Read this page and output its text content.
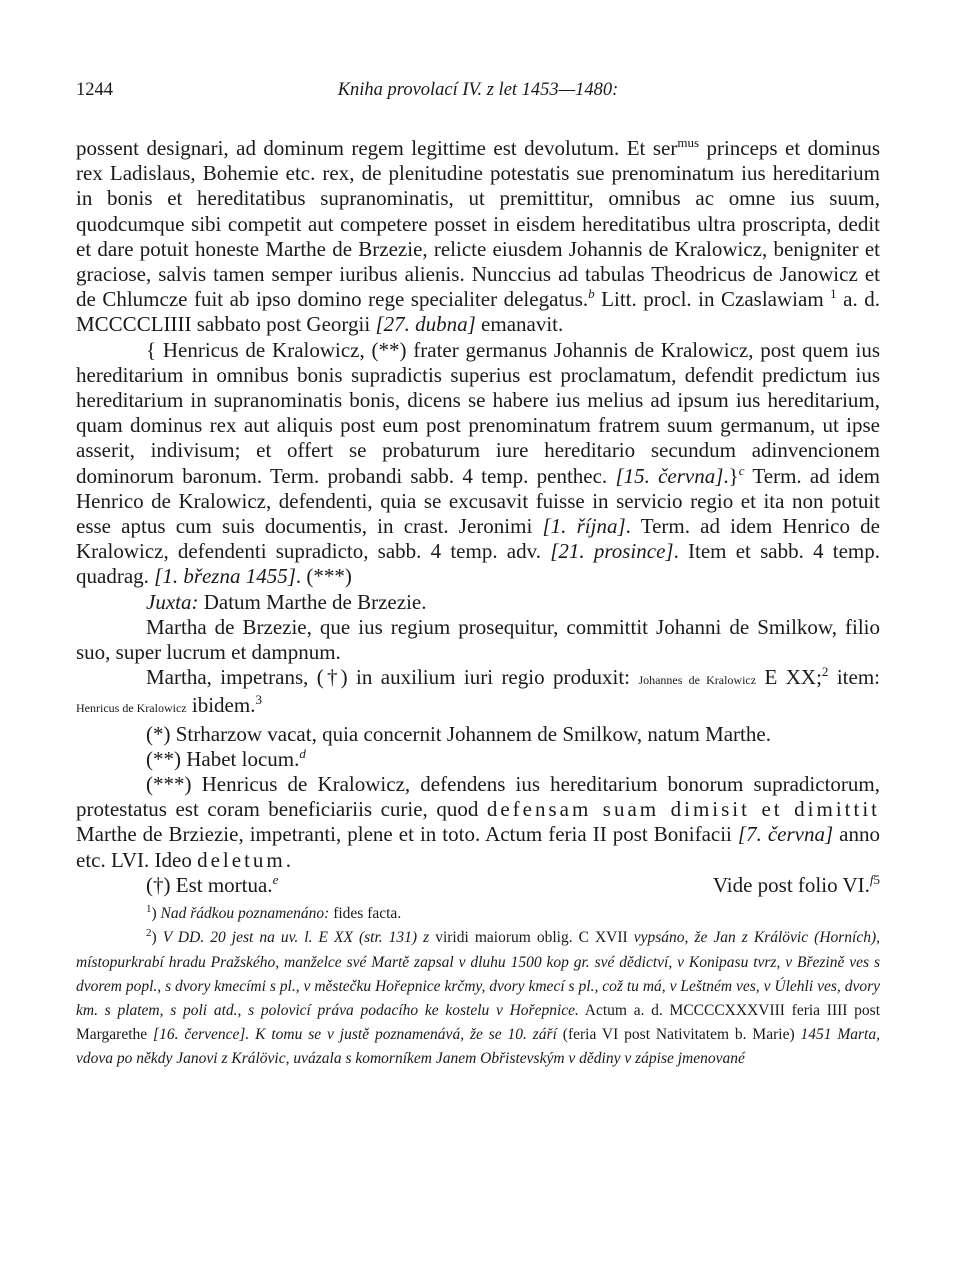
1244	Kniha provolací IV. z let 1453—1480:

possent designari, ad dominum regem legittime est devolutum. Et ser$^{mus}$ princeps et dominus rex Ladislaus, Bohemie etc. rex, de plenitudine potestatis sue prenominatum ius hereditarium in bonis et hereditatibus supranominatis, ut premittitur, omnibus ac omne ius suum, quodcumque sibi competit aut competere posset in eisdem hereditatibus ultra proscripta, dedit et dare potuit honeste Marthe de Brzezie, relicte eiusdem Johannis de Kralowicz, benigniter et graciose, salvis tamen semper iuribus alienis. Nunccius ad tabulas Theodricus de Janowicz et de Chlumcze fuit ab ipso domino rege specialiter delegatus.$^b$ Litt. procl. in Czaslawiam $^1$ a. d. MCCCCLIIII sabbato post Georgii [27. dubna] emanavit.

{ Henricus de Kralowicz, (**) frater germanus Johannis de Kralowicz, post quem ius hereditarium in omnibus bonis supradictis superius est proclamatum, defendit predictum ius hereditarium in supranominatis bonis, dicens se habere ius melius ad ipsum ius hereditarium, quam dominus rex aut aliquis post eum post prenominatum fratrem suum germanum, ut ipse asserit, indivisum; et offert se probaturum iure hereditario secundum adinvencionem dominorum baronum. Term. probandi sabb. 4 temp. penthec. [15. června].}$^c$ Term. ad idem Henrico de Kralowicz, defendenti, quia se excusavit fuisse in servicio regio et ita non potuit esse aptus cum suis documentis, in crast. Jeronimi [1. října]. Term. ad idem Henrico de Kralowicz, defendenti supradicto, sabb. 4 temp. adv. [21. prosince]. Item et sabb. 4 temp. quadrag. [1. března 1455]. (***)

Juxta: Datum Marthe de Brzezie.

Martha de Brzezie, que ius regium prosequitur, committit Johanni de Smilkow, filio suo, super lucrum et dampnum.

Martha, impetrans, (†) in auxilium iuri regio produxit: Johannes de Kralowicz E XX;$^2$ item: Henricus de Kralowicz ibidem.$^3$

(*) Strharzow vacat, quia concernit Johannem de Smilkow, natum Marthe.

(**) Habet locum.$^d$

(***) Henricus de Kralowicz, defendens ius hereditarium bonorum supradictorum, protestatus est coram beneficiariis curie, quod defensam suam dimisit et dimittit Marthe de Brziezie, impetranti, plene et in toto. Actum feria II post Bonifacii [7. června] anno etc. LVI. Ideo deletum.

(†) Est mortua.$^e$	Vide post folio VI.$^{f5}$

$^1$) Nad řádkou poznamenáno: fides facta.

$^2$) V DD. 20 jest na uv. l. E XX (str. 131) z viridi maiorum oblig. C XVII vypsáno, že Jan z Králövic (Horních), místopurkrabí hradu Pražského, manželce své Martě zapsal v dluhu 1500 kop gr. své dědictví, v Konipasu tvrz, v Březině ves s dvorem popl., s dvory kmecími s pl., v městečku Hořepnice krčmy, dvory kmecí s pl., což tu má, v Leštném ves, v Úlehli ves, dvory km. s platem, s poli atd., s polovicí práva podacího ke kostelu v Hořepnice. Actum a. d. MCCCCXXXVIII feria IIII post Margarethe [16. července]. K tomu se v justě poznamenává, že se 10. září (feria VI post Nativitatem b. Marie) 1451 Marta, vdova po někdy Janovi z Králövic, uvázala s komorníkem Janem Obřistevským v dědiny v zápise jmenované
